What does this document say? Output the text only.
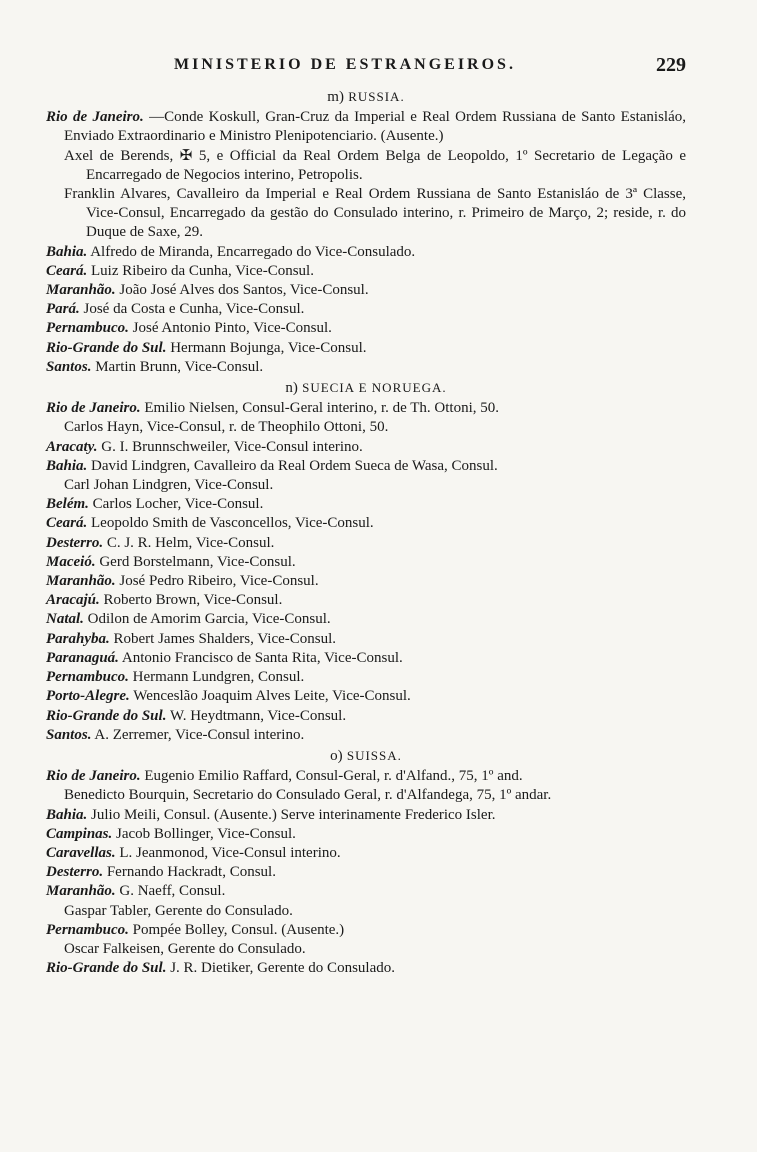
MINISTERIO DE ESTRANGEIROS.	229
m) RUSSIA.
Rio de Janeiro. —Conde Koskull, Gran-Cruz da Imperial e Real Ordem Russiana de Santo Estanisláo, Enviado Extraordinario e Ministro Plenipotenciario. (Ausente.)
Axel de Berends, ✠ 5, e Official da Real Ordem Belga de Leopoldo, 1º Secretario de Legação e Encarregado de Negocios interino, Petropolis.
Franklin Alvares, Cavalleiro da Imperial e Real Ordem Russiana de Santo Estanisláo de 3ª Classe, Vice-Consul, Encarregado da gestão do Consulado interino, r. Primeiro de Março, 2; reside, r. do Duque de Saxe, 29.
Bahia. Alfredo de Miranda, Encarregado do Vice-Consulado.
Ceará. Luiz Ribeiro da Cunha, Vice-Consul.
Maranhão. João José Alves dos Santos, Vice-Consul.
Pará. José da Costa e Cunha, Vice-Consul.
Pernambuco. José Antonio Pinto, Vice-Consul.
Rio-Grande do Sul. Hermann Bojunga, Vice-Consul.
Santos. Martin Brunn, Vice-Consul.
n) SUECIA E NORUEGA.
Rio de Janeiro. Emilio Nielsen, Consul-Geral interino, r. de Th. Ottoni, 50.
Carlos Hayn, Vice-Consul, r. de Theophilo Ottoni, 50.
Aracaty. G. I. Brunnschweiler, Vice-Consul interino.
Bahia. David Lindgren, Cavalleiro da Real Ordem Sueca de Wasa, Consul.
Carl Johan Lindgren, Vice-Consul.
Belém. Carlos Locher, Vice-Consul.
Ceará. Leopoldo Smith de Vasconcellos, Vice-Consul.
Desterro. C. J. R. Helm, Vice-Consul.
Maceió. Gerd Borstelmann, Vice-Consul.
Maranhão. José Pedro Ribeiro, Vice-Consul.
Aracajú. Roberto Brown, Vice-Consul.
Natal. Odilon de Amorim Garcia, Vice-Consul.
Parahyba. Robert James Shalders, Vice-Consul.
Paranaguá. Antonio Francisco de Santa Rita, Vice-Consul.
Pernambuco. Hermann Lundgren, Consul.
Porto-Alegre. Wenceslão Joaquim Alves Leite, Vice-Consul.
Rio-Grande do Sul. W. Heydtmann, Vice-Consul.
Santos. A. Zerremer, Vice-Consul interino.
o) SUISSA.
Rio de Janeiro. Eugenio Emilio Raffard, Consul-Geral, r. d'Alfand., 75, 1º and.
Benedicto Bourquin, Secretario do Consulado Geral, r. d'Alfandega, 75, 1º andar.
Bahia. Julio Meili, Consul. (Ausente.) Serve interinamente Frederico Isler.
Campinas. Jacob Bollinger, Vice-Consul.
Caravellas. L. Jeanmonod, Vice-Consul interino.
Desterro. Fernando Hackradt, Consul.
Maranhão. G. Naeff, Consul.
Gaspar Tabler, Gerente do Consulado.
Pernambuco. Pompée Bolley, Consul. (Ausente.)
Oscar Falkeisen, Gerente do Consulado.
Rio-Grande do Sul. J. R. Dietiker, Gerente do Consulado.
